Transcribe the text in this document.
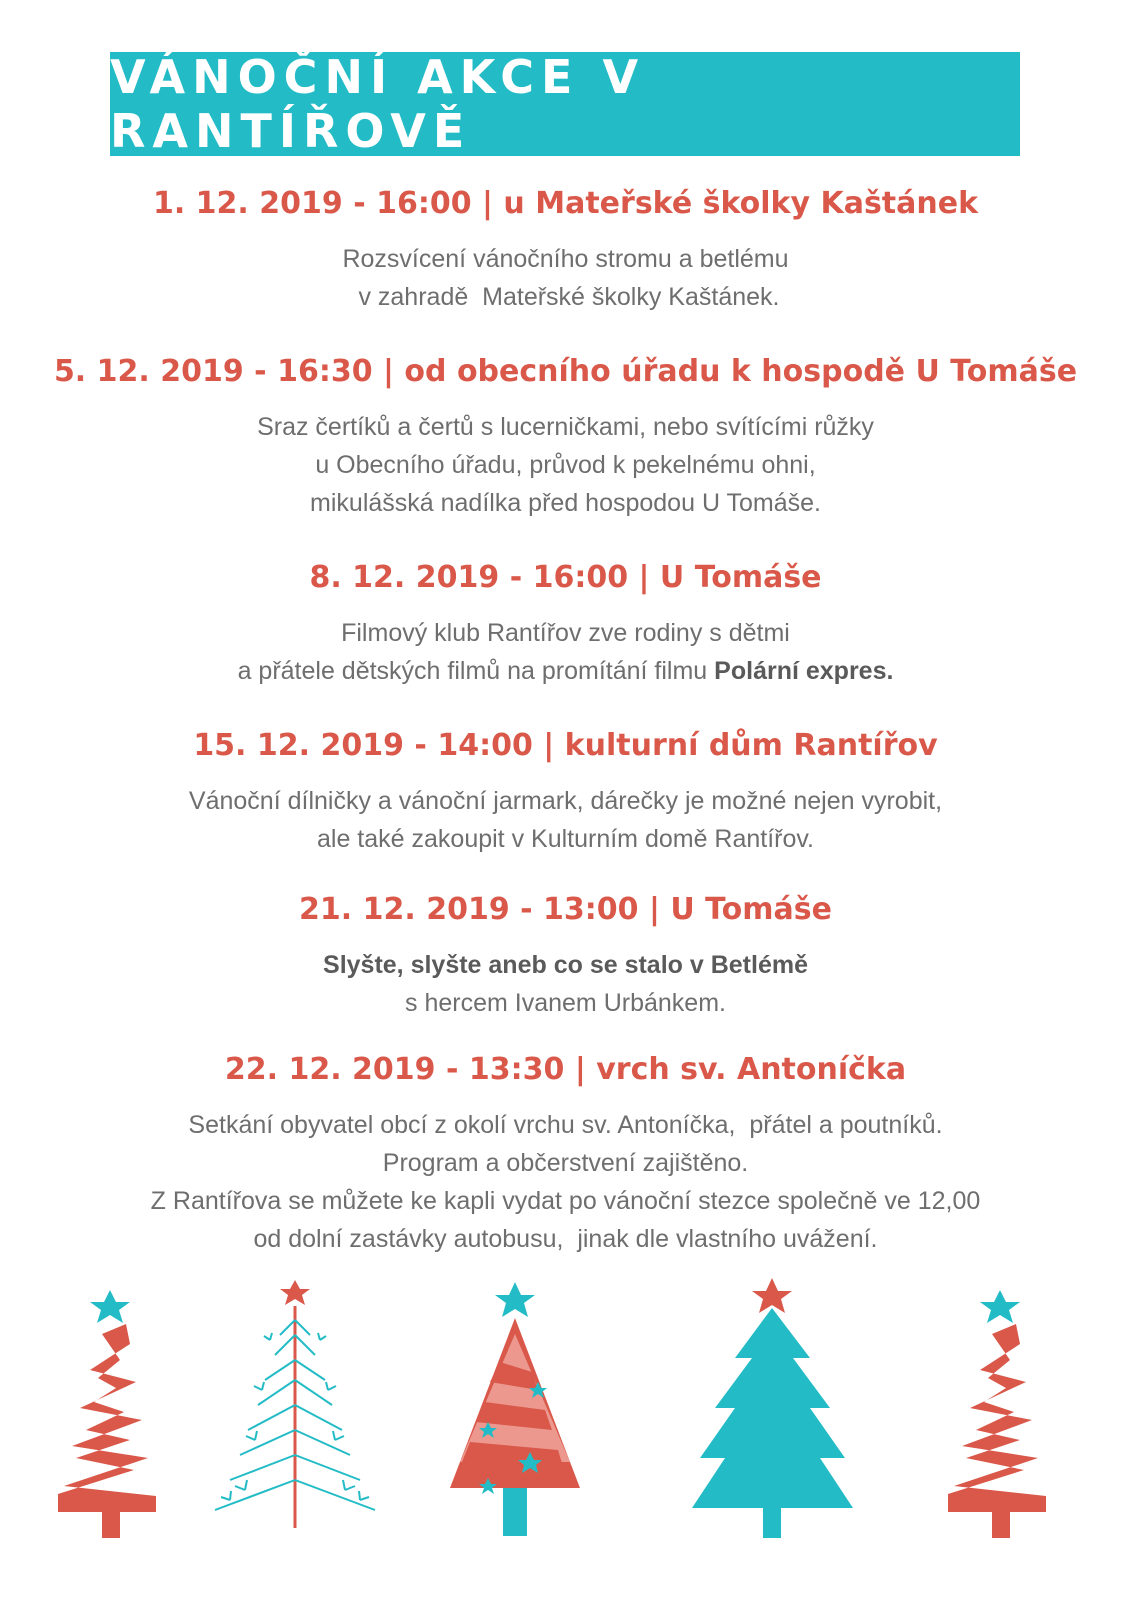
VÁNOČNÍ AKCE V RANTÍŘOVĚ
1. 12. 2019 - 16:00 | u Mateřské školky Kaštánek
Rozsvícení vánočního stromu a betlému
v zahradě  Mateřské školky Kaštánek.
5. 12. 2019 - 16:30 | od obecního úřadu k hospodě U Tomáše
Sraz čertíků a čertů s lucerničkami, nebo svítícími růžky
u Obecního úřadu, průvod k pekelnému ohni,
mikulášská nadílka před hospodou U Tomáše.
8. 12. 2019 - 16:00 | U Tomáše
Filmový klub Rantířov zve rodiny s dětmi
a přátele dětských filmů na promítání filmu Polární expres.
15. 12. 2019 - 14:00 | kulturní dům Rantířov
Vánoční dílničky a vánoční jarmark, dárečky je možné nejen vyrobit,
ale také zakoupit v Kulturním domě Rantířov.
21. 12. 2019 - 13:00 | U Tomáše
Slyšte, slyšte aneb co se stalo v Betlémě
s hercem Ivanem Urbánkem.
22. 12. 2019 - 13:30 | vrch sv. Antoníčka
Setkání obyvatel obcí z okolí vrchu sv. Antoníčka,  přátel a poutníků.
Program a občerstvení zajištěno.
Z Rantířova se můžete ke kapli vydat po vánoční stezce společně ve 12,00
od dolní zastávky autobusu,  jinak dle vlastního uvážení.
